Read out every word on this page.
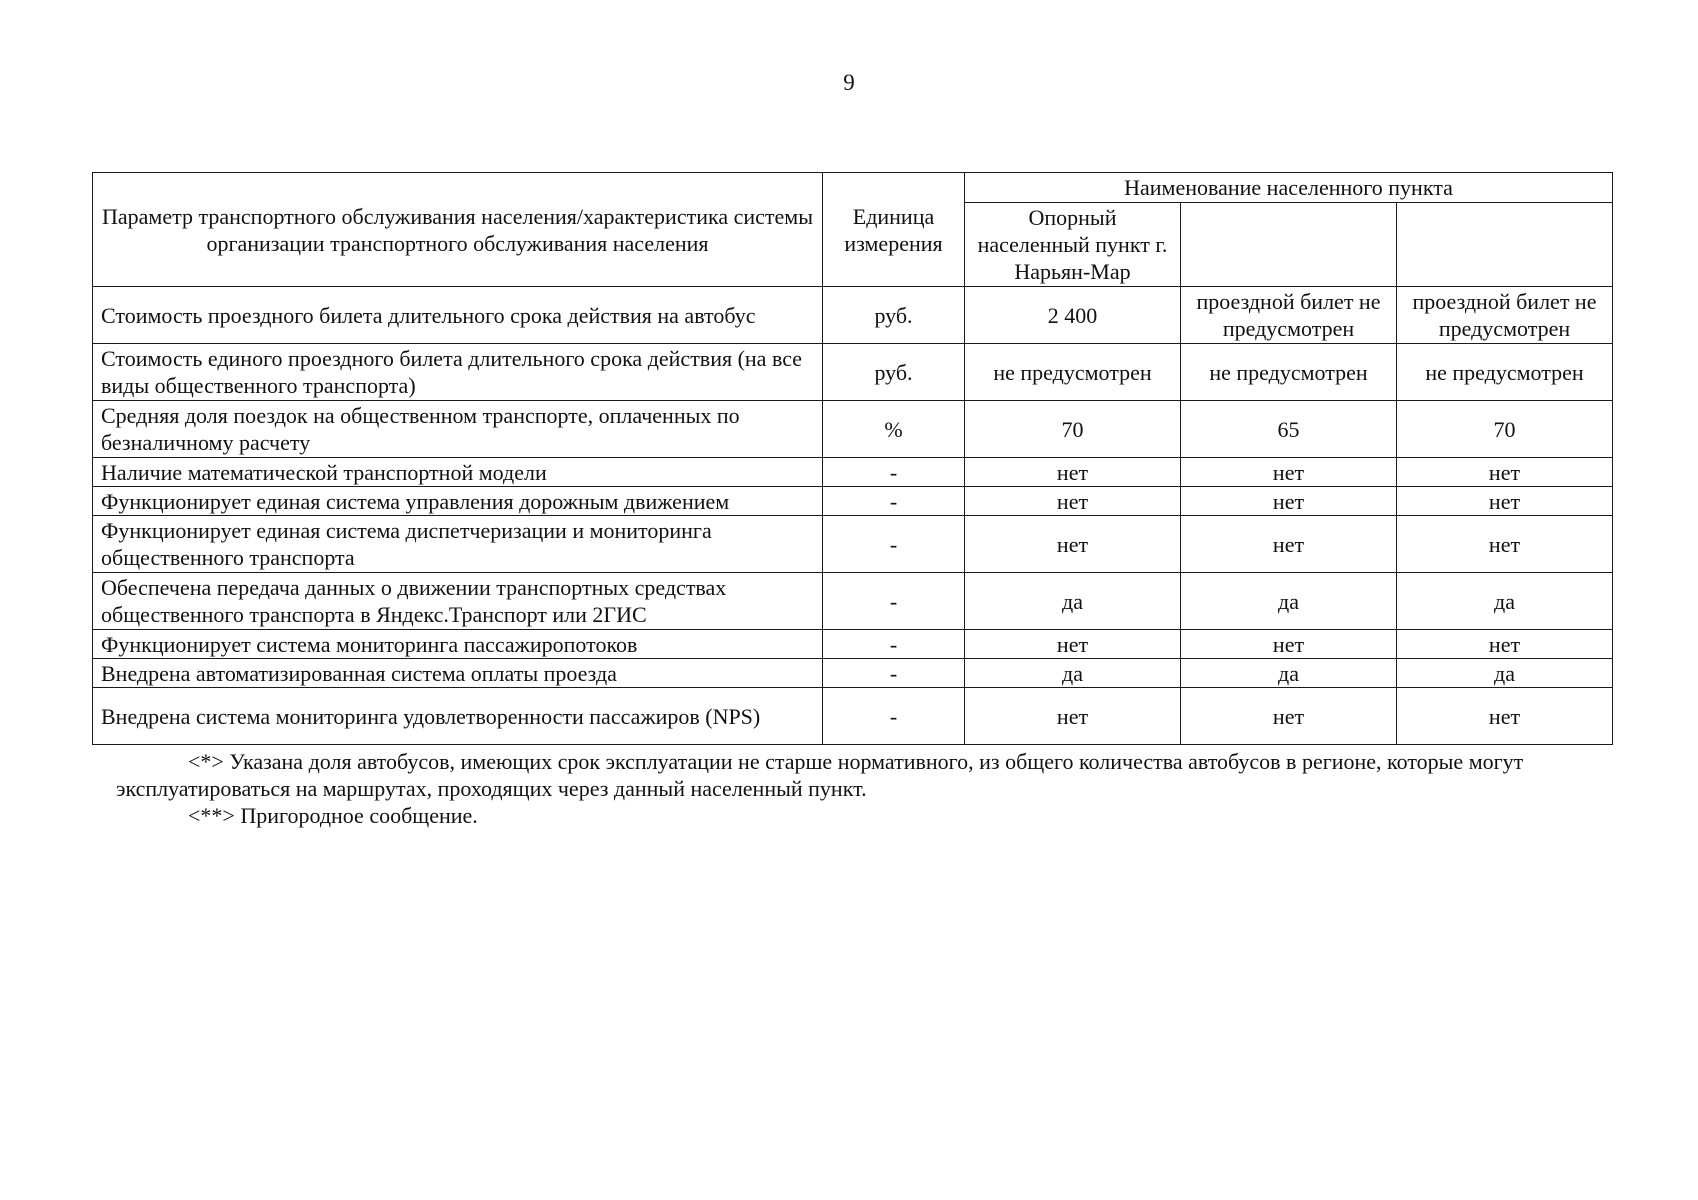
9
Параметр транспортного обслуживания населения/характеристика системы организации транспортного обслуживания населения	Единица измерения	Наименование населенного пункта		
		Опорный населенный пункт г. Нарьян-Мар		
Стоимость проездного билета длительного срока действия на автобус	руб.	2 400	проездной билет не предусмотрен	проездной билет не предусмотрен
Стоимость единого проездного билета длительного срока действия (на все виды общественного транспорта)	руб.	не предусмотрен	не предусмотрен	не предусмотрен
Средняя доля поездок на общественном транспорте, оплаченных по безналичному расчету	%	70	65	70
Наличие математической транспортной модели	-	нет	нет	нет
Функционирует единая система управления дорожным движением	-	нет	нет	нет
Функционирует единая система диспетчеризации и мониторинга общественного транспорта	-	нет	нет	нет
Обеспечена передача данных о движении транспортных средствах общественного транспорта в Яндекс.Транспорт или 2ГИС	-	да	да	да
Функционирует система мониторинга пассажиропотоков	-	нет	нет	нет
Внедрена автоматизированная система оплаты проезда	-	да	да	да
Внедрена система мониторинга удовлетворенности пассажиров (NPS)	-	нет	нет	нет

<*> Указана доля автобусов, имеющих срок эксплуатации не старше нормативного, из общего количества автобусов в регионе, которые могут эксплуатироваться на маршрутах, проходящих через данный населенный пункт.

<**> Пригородное сообщение.
